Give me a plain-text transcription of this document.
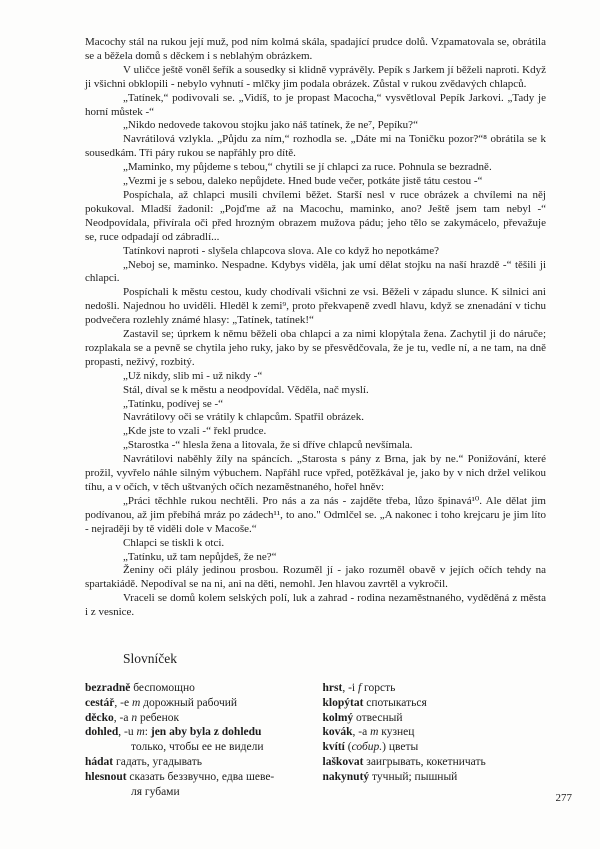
Macochy stál na rukou její muž, pod ním kolmá skála, spadající prudce dolů. Vzpamatovala se, obrátila se a běžela domů s děckem i s neblahým obrázkem.

V uličce ještě voněl šeřík a sousedky si klidně vyprávěly. Pepík s Jarkem jí běželi naproti. Když ji všichni obklopili - nebylo vyhnutí - mlčky jim podala obrázek. Zůstal v rukou zvědavých chlapců.

„Tatínek,“ podivovali se. „Vidíš, to je propast Macocha,“ vysvětloval Pepík Jarkovi. „Tady je horní můstek -“

„Nikdo nedovede takovou stojku jako náš tatínek, že ne⁷, Pepíku?“

Navrátilová vzlykla. „Půjdu za ním,“ rozhodla se. „Dáte mi na Toničku pozor?“⁸ obrátila se k sousedkám. Tři páry rukou se napřáhly pro dítě.

„Maminko, my půjdeme s tebou,“ chytili se jí chlapci za ruce. Pohnula se bezradně.

„Vezmi je s sebou, daleko nepůjdete. Hned bude večer, potkáte jistě tátu cestou -“

Pospíchala, až chlapci musili chvílemi běžet. Starší nesl v ruce obrázek a chvílemi na něj pokukoval. Mladší žadonil: „Pojďme až na Macochu, maminko, ano? Ještě jsem tam nebyl -“ Neodpovídala, přivírala oči před hrozným obrazem mužova pádu; jeho tělo se zakymácelo, převažuje se, ruce odpadají od zábradlí...

Tatínkovi naproti - slyšela chlapcova slova. Ale co když ho nepotkáme?

„Neboj se, maminko. Nespadne. Kdybys viděla, jak umí dělat stojku na naší hrazdě -“ těšili ji chlapci.

Pospíchali k městu cestou, kudy chodívali všichni ze vsi. Běželi v západu slunce. K silnici ani nedošli. Najednou ho uviděli. Hleděl k zemi⁹, proto překvapeně zvedl hlavu, když se znenadání v tichu podvečera rozlehly známé hlasy: „Tatínek, tatínek!“

Zastavil se; úprkem k němu běželi oba chlapci a za nimi klopýtala žena. Zachytil ji do náruče; rozplakala se a pevně se chytila jeho ruky, jako by se přesvědčovala, že je tu, vedle ní, a ne tam, na dně propasti, neživý, rozbitý.

„Už nikdy, slib mi - už nikdy -“

Stál, díval se k městu a neodpovídal. Věděla, nač myslí.

„Tatínku, podívej se -“

Navrátilovy oči se vrátily k chlapcům. Spatřil obrázek.

„Kde jste to vzali -“ řekl prudce.

„Starostka -“ hlesla žena a litovala, že si dříve chlapců nevšímala.

Navrátilovi naběhly žíly na spáncích. „Starosta s pány z Brna, jak by ne.“ Ponižování, které prožil, vyvřelo náhle silným výbuchem. Napřáhl ruce vpřed, potěžkával je, jako by v nich držel velikou tíhu, a v očích, v těch uštvaných očích nezaměstnaného, hořel hněv:

„Práci těchhle rukou nechtěli. Pro nás a za nás - zajděte třeba, lůzo špinavá¹⁰. Ale dělat jim podívanou, až jim přebíhá mráz po zádech¹¹, to ano." Odmlčel se. „A nakonec i toho krejcaru je jim líto - nejraději by tě viděli dole v Macoše.“

Chlapci se tiskli k otci.

„Tatínku, už tam nepůjdeš, že ne?“

Ženiny oči plály jedinou prosbou. Rozuměl jí - jako rozuměl obavě v jejích očích tehdy na spartakiádě. Nepodíval se na ni, ani na děti, nemohl. Jen hlavou zavrtěl a vykročil.

Vraceli se domů kolem selských polí, luk a zahrad - rodina nezaměstnaného, vyděděná z města i z vesnice.

Slovníček
bezradně беспомощно
cestář, -e m дорожный рабочий
děcko, -a n ребенок
dohled, -u m: jen aby byla z dohledu
только, чтобы ее не видели
hádat гадать, угадывать
hlesnout сказать беззвучно, едва шеве-
ля губами
hrst, -i f горсть
klopýtat спотыкаться
kolmý отвесный
kovák, -a m кузнец
kvítí (собир.) цветы
laškovat заигрывать, кокетничать
nakynutý тучный; пышный
277
